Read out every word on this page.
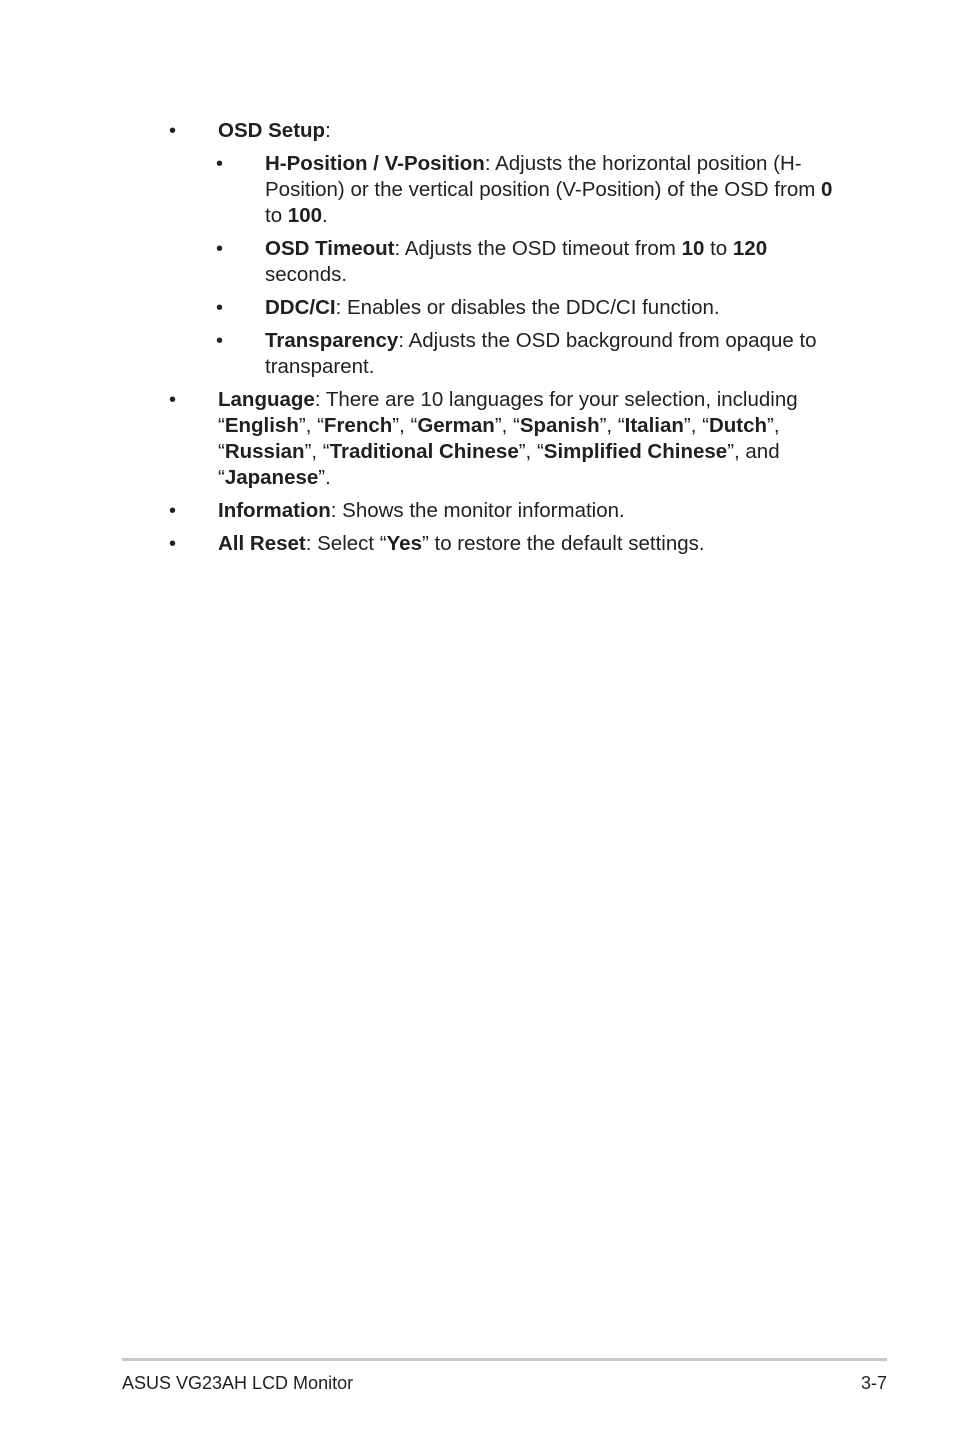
• OSD Setup:
• H-Position / V-Position: Adjusts the horizontal position (H-Position) or the vertical position (V-Position) of the OSD from 0 to 100.
• OSD Timeout: Adjusts the OSD timeout from 10 to 120 seconds.
• DDC/CI: Enables or disables the DDC/CI function.
• Transparency: Adjusts the OSD background from opaque to transparent.
• Language: There are 10 languages for your selection, including “English”, “French”, “German”, “Spanish”, “Italian”, “Dutch”, “Russian”, “Traditional Chinese”, “Simplified Chinese”, and “Japanese”.
• Information: Shows the monitor information.
• All Reset: Select “Yes” to restore the default settings.
ASUS VG23AH LCD Monitor	3-7
